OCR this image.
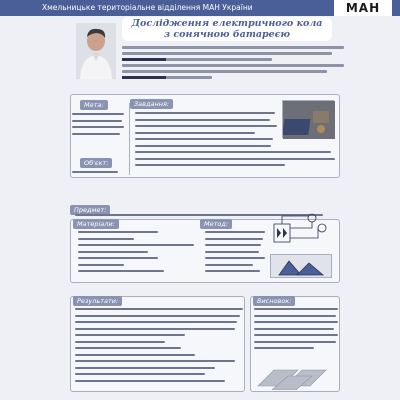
Хмельницьке територіальне відділення МАН України	МАН
Дослідження електричного кола
з сонячною батареєю
Мета:
Об'єкт:
Завдання:
Предмет:
Матеріали:	Метод:
Результати:	Висновок:
